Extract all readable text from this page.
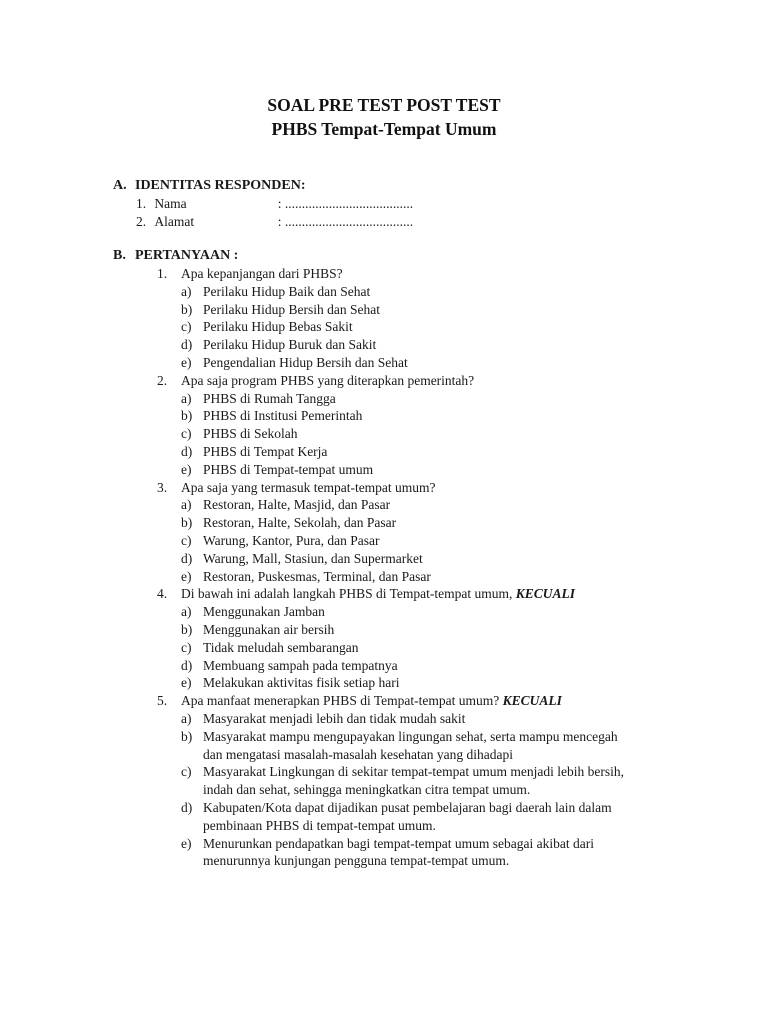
SOAL PRE TEST POST TEST
PHBS Tempat-Tempat Umum
A. IDENTITAS RESPONDEN:
1. Nama	: ......................................
2. Alamat	: ......................................
B. PERTANYAAN :
1. Apa kepanjangan dari PHBS?
a) Perilaku Hidup Baik dan Sehat
b) Perilaku Hidup Bersih dan Sehat
c) Perilaku Hidup Bebas Sakit
d) Perilaku Hidup Buruk dan Sakit
e) Pengendalian Hidup Bersih dan Sehat
2. Apa saja program PHBS yang diterapkan pemerintah?
a) PHBS di Rumah Tangga
b) PHBS di Institusi Pemerintah
c) PHBS di Sekolah
d) PHBS di Tempat Kerja
e) PHBS di Tempat-tempat umum
3. Apa saja yang termasuk tempat-tempat umum?
a) Restoran, Halte, Masjid, dan Pasar
b) Restoran, Halte, Sekolah, dan Pasar
c) Warung, Kantor, Pura, dan Pasar
d) Warung, Mall, Stasiun, dan Supermarket
e) Restoran, Puskesmas, Terminal, dan Pasar
4. Di bawah ini adalah langkah PHBS di Tempat-tempat umum, KECUALI
a) Menggunakan Jamban
b) Menggunakan air bersih
c) Tidak meludah sembarangan
d) Membuang sampah pada tempatnya
e) Melakukan aktivitas fisik setiap hari
5. Apa manfaat menerapkan PHBS di Tempat-tempat umum? KECUALI
a) Masyarakat menjadi lebih dan tidak mudah sakit
b) Masyarakat mampu mengupayakan lingungan sehat, serta mampu mencegah
dan mengatasi masalah-masalah kesehatan yang dihadapi
c) Masyarakat Lingkungan di sekitar tempat-tempat umum menjadi lebih bersih,
indah dan sehat, sehingga meningkatkan citra tempat umum.
d) Kabupaten/Kota dapat dijadikan pusat pembelajaran bagi daerah lain dalam
pembinaan PHBS di tempat-tempat umum.
e) Menurunkan pendapatkan bagi tempat-tempat umum sebagai akibat dari
menurunnya kunjungan pengguna tempat-tempat umum.
